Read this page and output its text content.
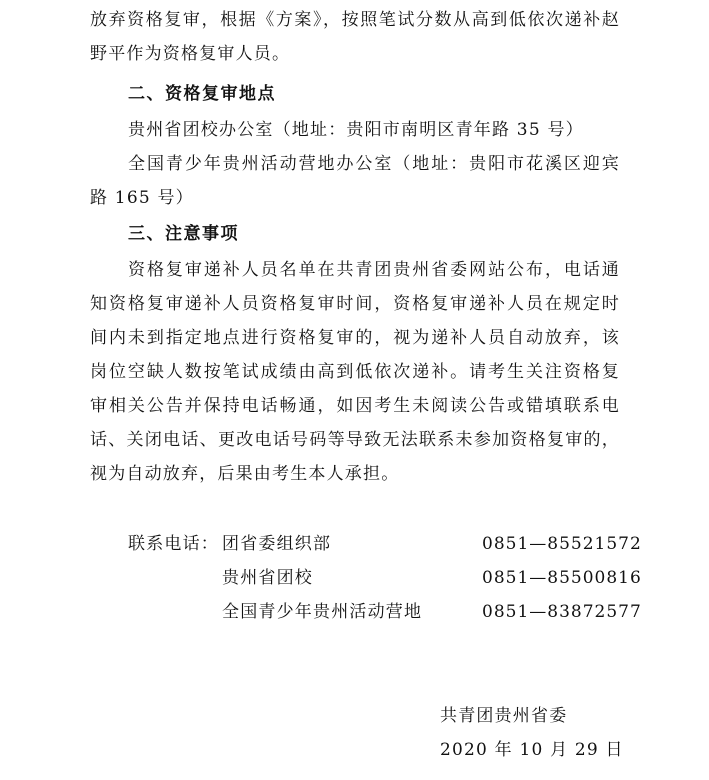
放弃资格复审，根据《方案》，按照笔试分数从高到低依次递补赵
野平作为资格复审人员。
二、资格复审地点
贵州省团校办公室（地址：贵阳市南明区青年路 35 号）
全国青少年贵州活动营地办公室（地址：贵阳市花溪区迎宾
路 165 号）
三、注意事项
资格复审递补人员名单在共青团贵州省委网站公布，电话通
知资格复审递补人员资格复审时间，资格复审递补人员在规定时
间内未到指定地点进行资格复审的，视为递补人员自动放弃，该
岗位空缺人数按笔试成绩由高到低依次递补。请考生关注资格复
审相关公告并保持电话畅通，如因考生未阅读公告或错填联系电
话、关闭电话、更改电话号码等导致无法联系未参加资格复审的，
视为自动放弃，后果由考生本人承担。
联系电话： 团省委组织部	0851—85521572
贵州省团校	0851—85500816
全国青少年贵州活动营地	0851—83872577
共青团贵州省委
2020 年 10 月 29 日
